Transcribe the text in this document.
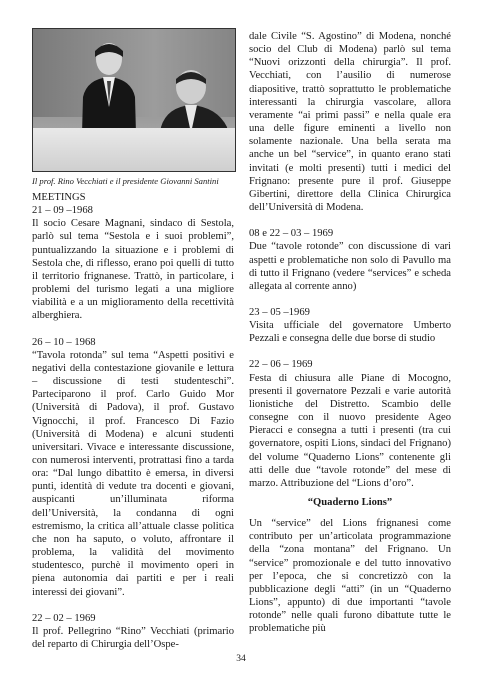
Il prof. Rino Vecchiati e il presidente Giovanni Santini
MEETINGS

21 – 09 –1968

Il socio Cesare Magnani, sindaco di Sestola, parlò sul tema “Sestola e i suoi problemi”, puntualizzando la situazione e i problemi di Sestola che, di riflesso, erano poi quelli di tutto il territorio frignanese. Trattò, in particolare, i problemi del turismo legati a una migliore viabilità e a un miglioramento della recettività alberghiera.

26 – 10 – 1968

“Tavola rotonda” sul tema “Aspetti positivi e negativi della contestazione giovanile e lettura – discussione di testi studenteschi”. Parteciparono il prof. Carlo Guido Mor (Università di Padova), il prof. Gustavo Vignocchi, il prof. Francesco Di Fazio (Università di Modena) e alcuni studenti universitari. Vivace e interessante discussione, con numerosi interventi, protrattasi fino a tarda ora: “Dal lungo dibattito è emersa, in diversi punti, identità di vedute tra docenti e giovani, auspicanti un’illuminata riforma dell’Università, la condanna di ogni estremismo, la critica all’attuale classe politica che non ha saputo, o voluto, affrontare il problema, la validità del movimento studentesco, purchè il movimento operi in piena autonomia dai partiti e per i reali interessi dei giovani”.

22 – 02 – 1969

Il prof. Pellegrino “Rino” Vecchiati (primario del reparto di Chirurgia dell’Ospe-

dale Civile “S. Agostino” di Modena, nonché socio del Club di Modena) parlò sul tema “Nuovi orizzonti della chirurgia”. Il prof. Vecchiati, con l’ausilio di numerose diapositive, trattò soprattutto le problematiche interessanti la chirurgia vascolare, allora veramente “ai primi passi” e nella quale era una delle figure eminenti a livello non solamente nazionale. Una bella serata ma anche un bel “service”, in quanto erano stati invitati (e molti presenti) tutti i medici del Frignano: presente pure il prof. Giuseppe Gibertini, direttore della Clinica Chirurgica dell’Università di Modena.

08 e 22 – 03 – 1969

Due “tavole rotonde” con discussione di vari aspetti e problematiche non solo di Pavullo ma di tutto il Frignano (vedere “services” e scheda allegata al corrente anno)

23 – 05 –1969

Visita ufficiale del governatore Umberto Pezzali e consegna delle due borse di studio

22 – 06 – 1969

Festa di chiusura alle Piane di Mocogno, presenti il governatore Pezzali e varie autorità lionistiche del Distretto. Scambio delle consegne con il nuovo presidente Ageo Pieracci e consegna a tutti i presenti (tra cui governatore, ospiti Lions, sindaci del Frignano) del volume “Quaderno Lions” contenente gli atti delle due “tavole rotonde” del mese di marzo. Attribuzione del “Lions d’oro”.

“Quaderno Lions”

Un “service” del Lions frignanesi come contributo per un’articolata programmazione della “zona montana” del Frignano. Un “service” promozionale e del tutto innovativo per l’epoca, che si concretizzò con la pubblicazione degli “atti” (in un “Quaderno Lions”, appunto) di due importanti “tavole rotonde” nelle quali furono dibattute tutte le problematiche più

34
